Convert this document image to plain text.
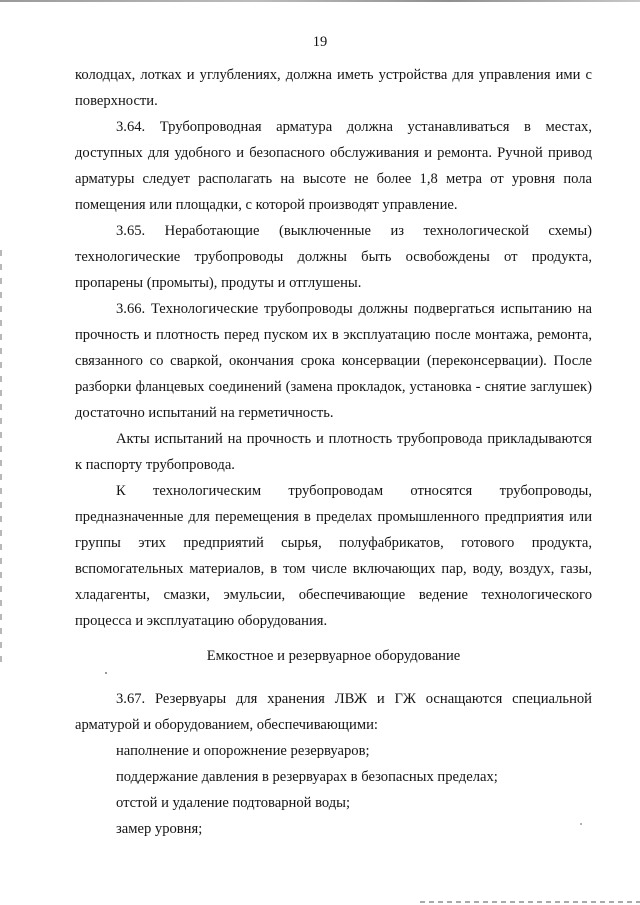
19

колодцах, лотках и углублениях, должна иметь устройства для управления ими с поверхности.

3.64. Трубопроводная арматура должна устанавливаться в местах, доступных для удобного и безопасного обслуживания и ремонта. Ручной привод арматуры следует располагать на высоте не более 1,8 метра от уровня пола помещения или площадки, с которой производят управление.

3.65. Неработающие (выключенные из технологической схемы) технологические трубопроводы должны быть освобождены от продукта, пропарены (промыты), продуты и отглушены.

3.66. Технологические трубопроводы должны подвергаться испытанию на прочность и плотность перед пуском их в эксплуатацию после монтажа, ремонта, связанного со сваркой, окончания срока консервации (переконсервации). После разборки фланцевых соединений (замена прокладок, установка - снятие заглушек) достаточно испытаний на герметичность.

Акты испытаний на прочность и плотность трубопровода прикладываются к паспорту трубопровода.

К технологическим трубопроводам относятся трубопроводы, предназначенные для перемещения в пределах промышленного предприятия или группы этих предприятий сырья, полуфабрикатов, готового продукта, вспомогательных материалов, в том числе включающих пар, воду, воздух, газы, хладагенты, смазки, эмульсии, обеспечивающие ведение технологического процесса и эксплуатацию оборудования.

Емкостное и резервуарное оборудование

3.67. Резервуары для хранения ЛВЖ и ГЖ оснащаются специальной арматурой и оборудованием, обеспечивающими:

наполнение и опорожнение резервуаров;

поддержание давления в резервуарах в безопасных пределах;

отстой и удаление подтоварной воды;

замер уровня;
